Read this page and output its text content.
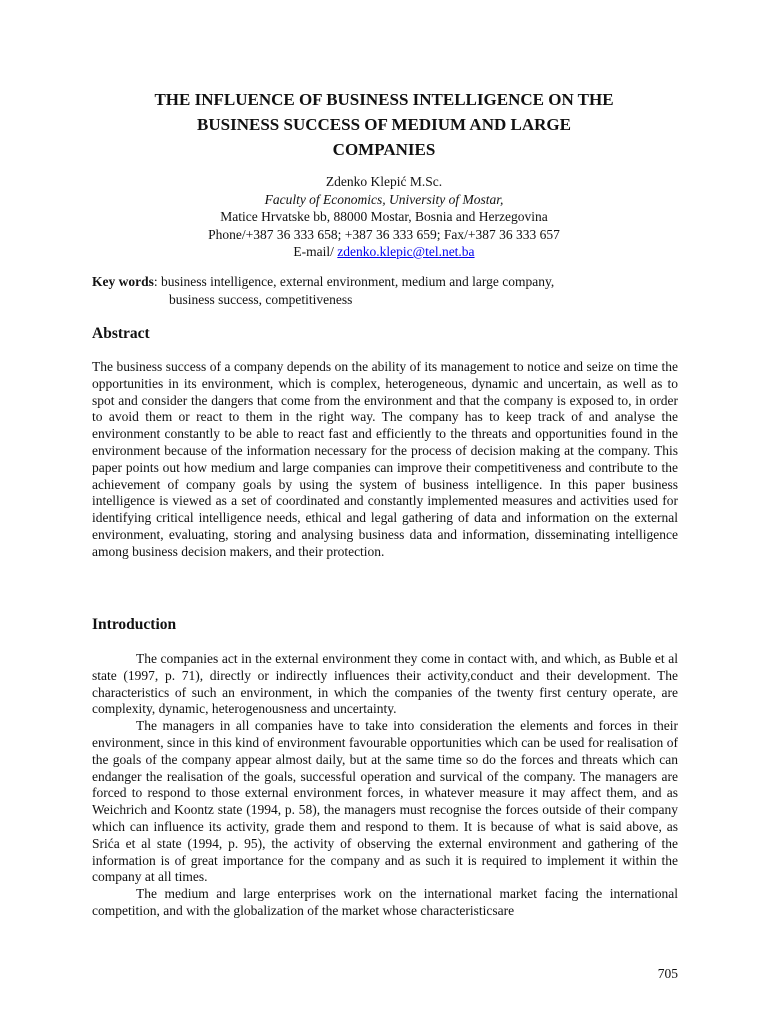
THE INFLUENCE OF BUSINESS INTELLIGENCE ON THE
BUSINESS SUCCESS OF MEDIUM AND LARGE
COMPANIES
Zdenko Klepić M.Sc.
Faculty of Economics, University of Mostar,
Matice Hrvatske bb, 88000 Mostar, Bosnia and Herzegovina
Phone/+387 36 333 658; +387 36 333 659; Fax/+387 36 333 657
E-mail/ zdenko.klepic@tel.net.ba
Key words: business intelligence, external environment, medium and large company,
business success, competitiveness
Abstract

The business success of a company depends on the ability of its management to notice and seize on time the opportunities in its environment, which is complex, heterogeneous, dynamic and uncertain, as well as to spot and consider the dangers that come from the environment and that the company is exposed to, in order to avoid them or react to them in the right way. The company has to keep track of and analyse the environment constantly to be able to react fast and efficiently to the threats and opportunities found in the environment because of the information necessary for the process of decision making at the company. This paper points out how medium and large companies can improve their competitiveness and contribute to the achievement of company goals by using the system of business intelligence. In this paper business intelligence is viewed as a set of coordinated and constantly implemented measures and activities used for identifying critical intelligence needs, ethical and legal gathering of data and information on the external environment, evaluating, storing and analysing business data and information, disseminating intelligence among business decision makers, and their protection.

Introduction

The companies act in the external environment they come in contact with, and which, as Buble et al state (1997, p. 71), directly or indirectly influences their activity,conduct and their development. The characteristics of such an environment, in which the companies of the twenty first century operate, are complexity, dynamic, heterogenousness and uncertainty.

The managers in all companies have to take into consideration the elements and forces in their environment, since in this kind of environment favourable opportunities which can be used for realisation of the goals of the company appear almost daily, but at the same time so do the forces and threats which can endanger the realisation of the goals, successful operation and survical of the company. The managers are forced to respond to those external environment forces, in whatever measure it may affect them, and as Weichrich and Koontz state (1994, p. 58), the managers must recognise the forces outside of their company which can influence its activity, grade them and respond to them. It is because of what is said above, as Srića et al state (1994, p. 95), the activity of observing the external environment and gathering of the information is of great importance for the company and as such it is required to implement it within the company at all times.

The medium and large enterprises work on the international market facing the international competition, and with the globalization of the market whose characteristicsare

705
